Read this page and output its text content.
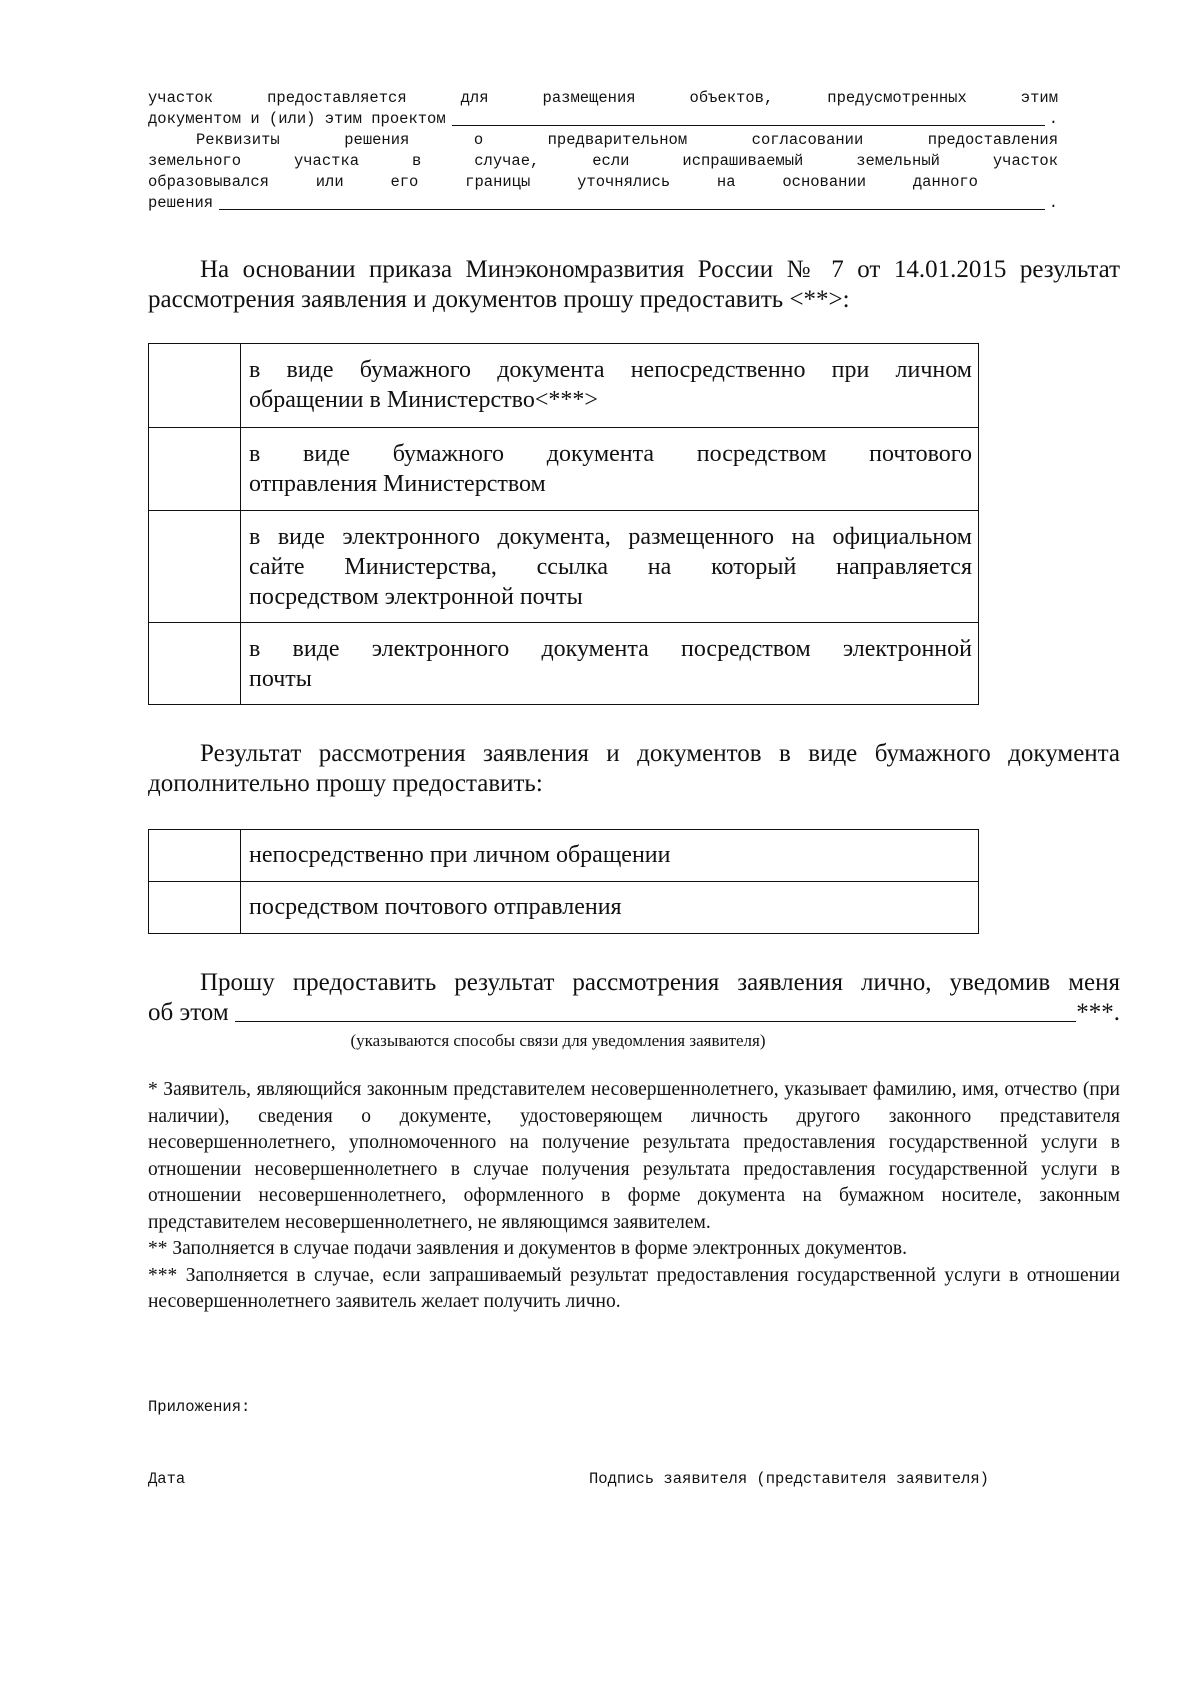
участок предоставляется для размещения объектов, предусмотренных этим
документом и (или) этим проектом	.
Реквизиты решения о предварительном согласовании предоставления
земельного участка в случае, если испрашиваемый земельный участок
образовывался или его границы уточнялись на основании данного
решения	.
На основании приказа Минэкономразвития России № 7 от 14.01.2015 результат
рассмотрения заявления и документов прошу предоставить <**>:

	в виде бумажного документа непосредственно при личном
обращении в Министерство<***>

	в виде бумажного документа посредством почтового
отправления Министерством

	в виде электронного документа, размещенного на официальном
сайте Министерства, ссылка на который направляется
посредством электронной почты

	в виде электронного документа посредством электронной
почты
Результат рассмотрения заявления и документов в виде бумажного документа
дополнительно прошу предоставить:
	непосредственно при личном обращении
	посредством почтового отправления
Прошу предоставить результат рассмотрения заявления лично, уведомив меня
об этом	***.
(указываются способы связи для уведомления заявителя)

* Заявитель, являющийся законным представителем несовершеннолетнего, указывает фамилию, имя, отчество (при наличии), сведения о документе, удостоверяющем личность другого законного представителя несовершеннолетнего, уполномоченного на получение результата предоставления государственной услуги в отношении несовершеннолетнего в случае получения результата предоставления государственной услуги в отношении несовершеннолетнего, оформленного в форме документа на бумажном носителе, законным представителем несовершеннолетнего, не являющимся заявителем.

** Заполняется в случае подачи заявления и документов в форме электронных документов.

*** Заполняется в случае, если запрашиваемый результат предоставления государственной услуги в отношении несовершеннолетнего заявитель желает получить лично.

Приложения:
Дата	Подпись заявителя (представителя заявителя)
